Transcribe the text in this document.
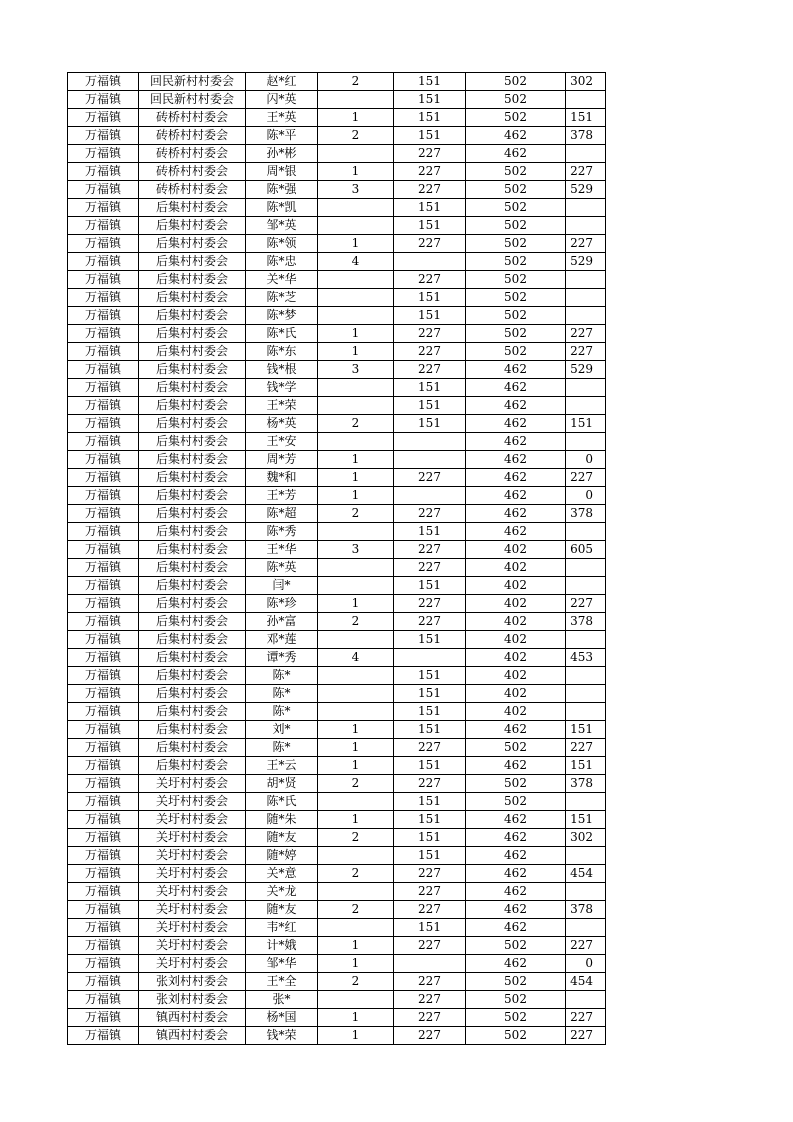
万福镇	回民新村村委会	赵*红	2	151	502	302
万福镇	回民新村村委会	闪*英		151	502	
万福镇	砖桥村村委会	王*英	1	151	502	151
万福镇	砖桥村村委会	陈*平	2	151	462	378
万福镇	砖桥村村委会	孙*彬		227	462	
万福镇	砖桥村村委会	周*银	1	227	502	227
万福镇	砖桥村村委会	陈*强	3	227	502	529
万福镇	后集村村委会	陈*凯		151	502	
万福镇	后集村村委会	邹*英		151	502	
万福镇	后集村村委会	陈*领	1	227	502	227
万福镇	后集村村委会	陈*忠	4		502	529
万福镇	后集村村委会	关*华		227	502	
万福镇	后集村村委会	陈*芝		151	502	
万福镇	后集村村委会	陈*梦		151	502	
万福镇	后集村村委会	陈*氏	1	227	502	227
万福镇	后集村村委会	陈*东	1	227	502	227
万福镇	后集村村委会	钱*根	3	227	462	529
万福镇	后集村村委会	钱*学		151	462	
万福镇	后集村村委会	王*荣		151	462	
万福镇	后集村村委会	杨*英	2	151	462	151
万福镇	后集村村委会	王*安			462	
万福镇	后集村村委会	周*芳	1		462	0
万福镇	后集村村委会	魏*和	1	227	462	227
万福镇	后集村村委会	王*芳	1		462	0
万福镇	后集村村委会	陈*超	2	227	462	378
万福镇	后集村村委会	陈*秀		151	462	
万福镇	后集村村委会	王*华	3	227	402	605
万福镇	后集村村委会	陈*英		227	402	
万福镇	后集村村委会	闫*		151	402	
万福镇	后集村村委会	陈*珍	1	227	402	227
万福镇	后集村村委会	孙*富	2	227	402	378
万福镇	后集村村委会	邓*莲		151	402	
万福镇	后集村村委会	谭*秀	4		402	453
万福镇	后集村村委会	陈*		151	402	
万福镇	后集村村委会	陈*		151	402	
万福镇	后集村村委会	陈*		151	402	
万福镇	后集村村委会	刘*	1	151	462	151
万福镇	后集村村委会	陈*	1	227	502	227
万福镇	后集村村委会	王*云	1	151	462	151
万福镇	关圩村村委会	胡*贤	2	227	502	378
万福镇	关圩村村委会	陈*氏		151	502	
万福镇	关圩村村委会	随*朱	1	151	462	151
万福镇	关圩村村委会	随*友	2	151	462	302
万福镇	关圩村村委会	随*婷		151	462	
万福镇	关圩村村委会	关*意	2	227	462	454
万福镇	关圩村村委会	关*龙		227	462	
万福镇	关圩村村委会	随*友	2	227	462	378
万福镇	关圩村村委会	韦*红		151	462	
万福镇	关圩村村委会	计*娥	1	227	502	227
万福镇	关圩村村委会	邹*华	1		462	0
万福镇	张刘村村委会	王*全	2	227	502	454
万福镇	张刘村村委会	张*		227	502	
万福镇	镇西村村委会	杨*国	1	227	502	227
万福镇	镇西村村委会	钱*荣	1	227	502	227
